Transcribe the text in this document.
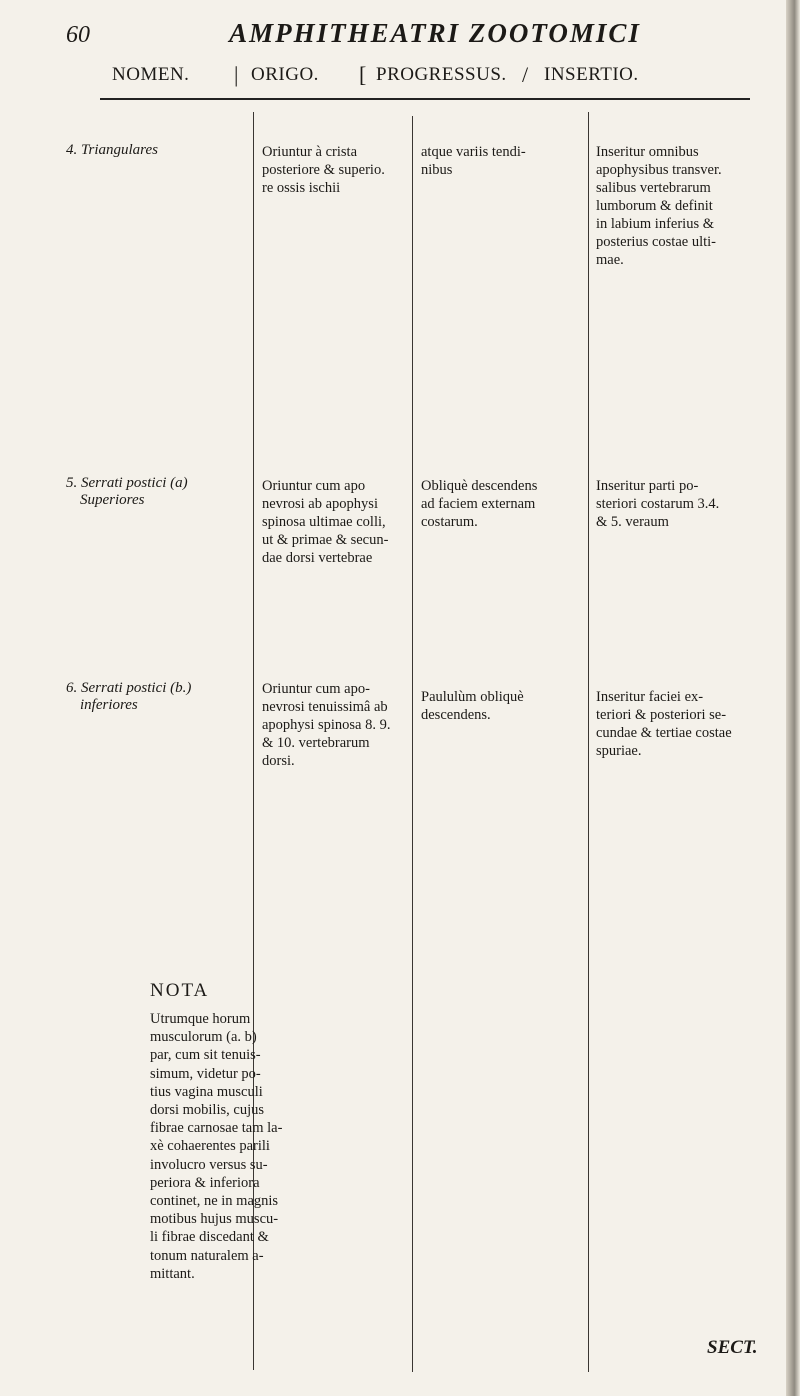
60	AMPHITHEATRI ZOOTOMICI
NOMEN. | ORIGO. [ PROGRESSUS. / INSERTIO.
4. Triangulares	Oriuntur à crista
posteriore & superio.
re ossis ischii
atque variis tendi-
nibus
Inseritur omnibus
apophysibus transver.
salibus vertebrarum
lumborum & definit
in labium inferius &
posterius costae ulti-
mae.
5. Serrati postici (a)
Superiores
Oriuntur cum apo
nevrosi ab apophysi
spinosa ultimae colli,
ut & primae & secun-
dae dorsi vertebrae
Obliquè descendens
ad faciem externam
costarum.
Inseritur parti po-
steriori costarum 3.4.
& 5. veraum
6. Serrati postici (b.)
inferiores
Oriuntur cum apo-
nevrosi tenuissimâ ab
apophysi spinosa 8. 9.
& 10. vertebrarum
dorsi.
Paululùm obliquè
descendens.
Inseritur faciei ex-
teriori & posteriori se-
cundae & tertiae costae
spuriae.
NOTA
Utrumque horum
musculorum (a. b)
par, cum sit tenuis-
simum, videtur po-
tius vagina musculi
dorsi mobilis, cujus
fibrae carnosae tam la-
xè cohaerentes parili
involucro versus su-
periora & inferiora
continet, ne in magnis
motibus hujus muscu-
li fibrae discedant &
tonum naturalem a-
mittant.
SECT.
